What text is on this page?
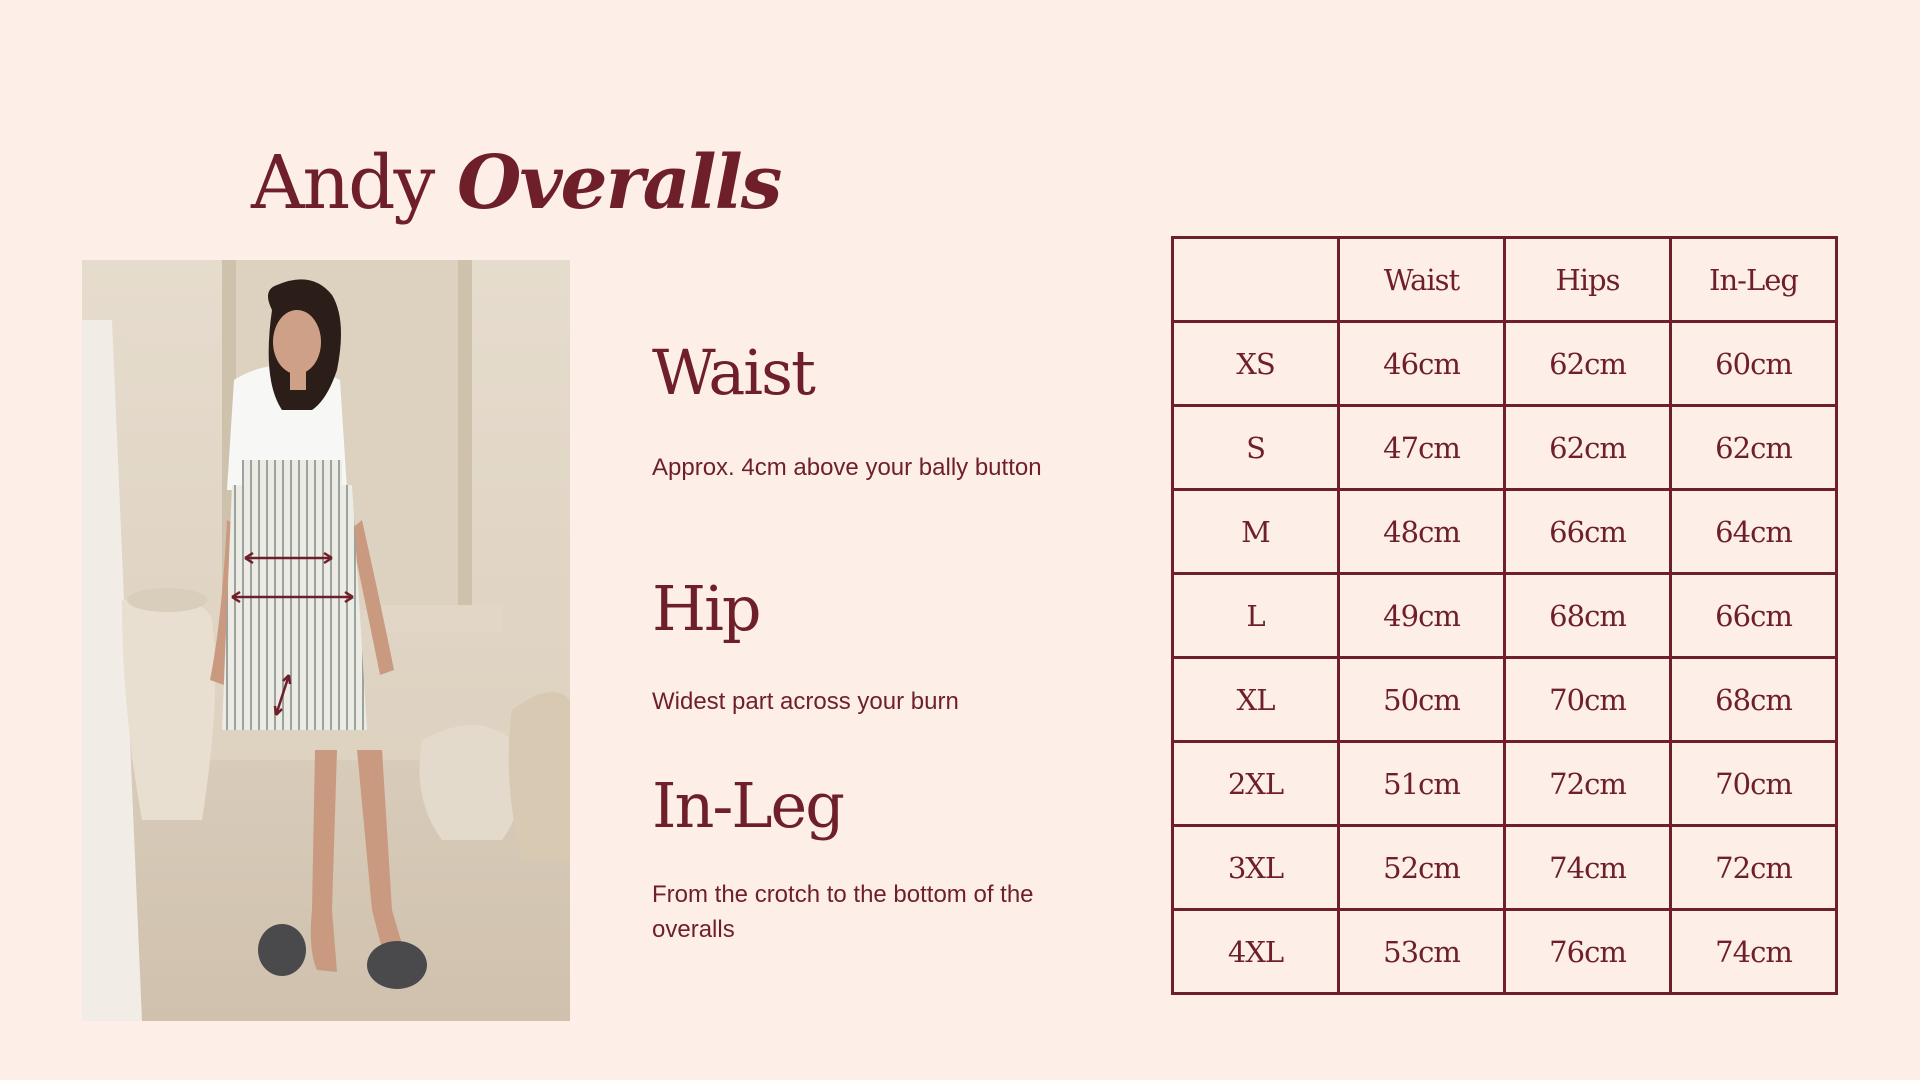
Andy Overalls
Waist

Approx. 4cm above your bally button

Hip

Widest part across your burn

In-Leg

From the crotch to the bottom of the overalls

	Waist	Hips	In-Leg
XS	46cm	62cm	60cm
S	47cm	62cm	62cm
M	48cm	66cm	64cm
L	49cm	68cm	66cm
XL	50cm	70cm	68cm
2XL	51cm	72cm	70cm
3XL	52cm	74cm	72cm
4XL	53cm	76cm	74cm
